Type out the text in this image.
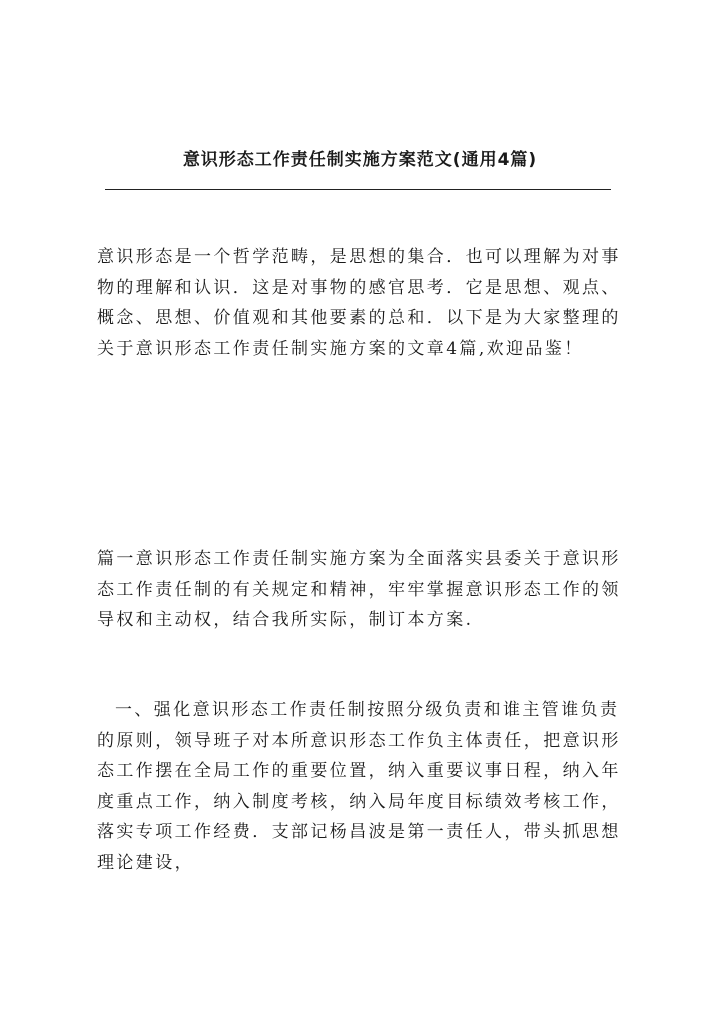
意识形态工作责任制实施方案范文(通用4篇)

意识形态是一个哲学范畴，是思想的集合．也可以理解为对事物的理解和认识．这是对事物的感官思考．它是思想、观点、概念、思想、价值观和其他要素的总和．以下是为大家整理的关于意识形态工作责任制实施方案的文章4篇,欢迎品鉴！

篇一意识形态工作责任制实施方案为全面落实县委关于意识形态工作责任制的有关规定和精神，牢牢掌握意识形态工作的领导权和主动权，结合我所实际，制订本方案.

一、强化意识形态工作责任制按照分级负责和谁主管谁负责的原则，领导班子对本所意识形态工作负主体责任，把意识形态工作摆在全局工作的重要位置，纳入重要议事日程，纳入年度重点工作，纳入制度考核，纳入局年度目标绩效考核工作，落实专项工作经费．支部记杨昌波是第一责任人，带头抓思想理论建设，
